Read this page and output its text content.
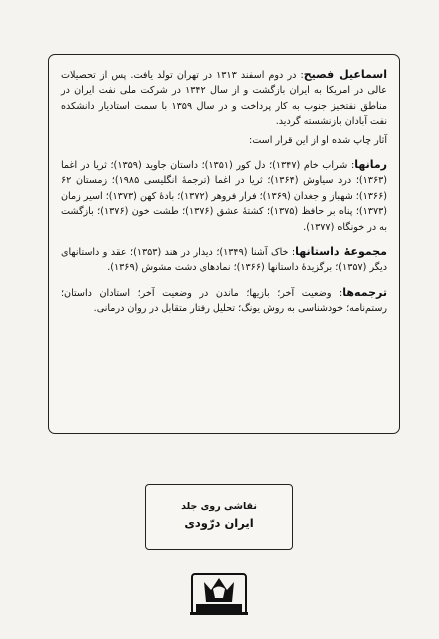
اسماعیل فصیح: در دوم اسفند ۱۳۱۳ در تهران تولد یافت. پس از تحصیلات عالی در امریکا به ایران بازگشت و از سال ۱۳۴۲ در شرکت ملی نفت ایران در مناطق نفتخیز جنوب به کار پرداخت و در سال ۱۳۵۹ با سمت استادیار دانشکده نفت آبادان بازنشسته گردید.

آثار چاپ شده او از این قرار است:

رمانها: شراب خام (۱۳۴۷)؛ دل کور (۱۳۵۱)؛ داستان جاوید (۱۳۵۹)؛ ثریا در اغما (۱۳۶۳)؛ درد سیاوش (۱۳۶۴)؛ ثریا در اغما (ترجمهٔ انگلیسی ۱۹۸۵)؛ زمستان ۶۲ (۱۳۶۶)؛ شهباز و جغدان (۱۳۶۹)؛ فرار فروهر (۱۳۷۲)؛ بادهٔ کهن (۱۳۷۳)؛ اسیر زمان (۱۳۷۳)؛ پناه بر حافظ (۱۳۷۵)؛ کشتهٔ عشق (۱۳۷۶)؛ طشت خون (۱۳۷۶)؛ بازگشت به در خونگاه (۱۳۷۷).

مجموعهٔ داستانها: خاک آشنا (۱۳۴۹)؛ دیدار در هند (۱۳۵۳)؛ عقد و داستانهای دیگر (۱۳۵۷)؛ برگزیدهٔ داستانها (۱۳۶۶)؛ نمادهای دشت مشوش (۱۳۶۹).

ترجمه‌ها: وضعیت آخر؛ بازیها؛ ماندن در وضعیت آخر؛ استادان داستان؛ رستم‌نامه؛ خودشناسی به روش یونگ؛ تحلیل رفتار متقابل در روان درمانی.

نقاشی روی جلد
ایران درّودی
